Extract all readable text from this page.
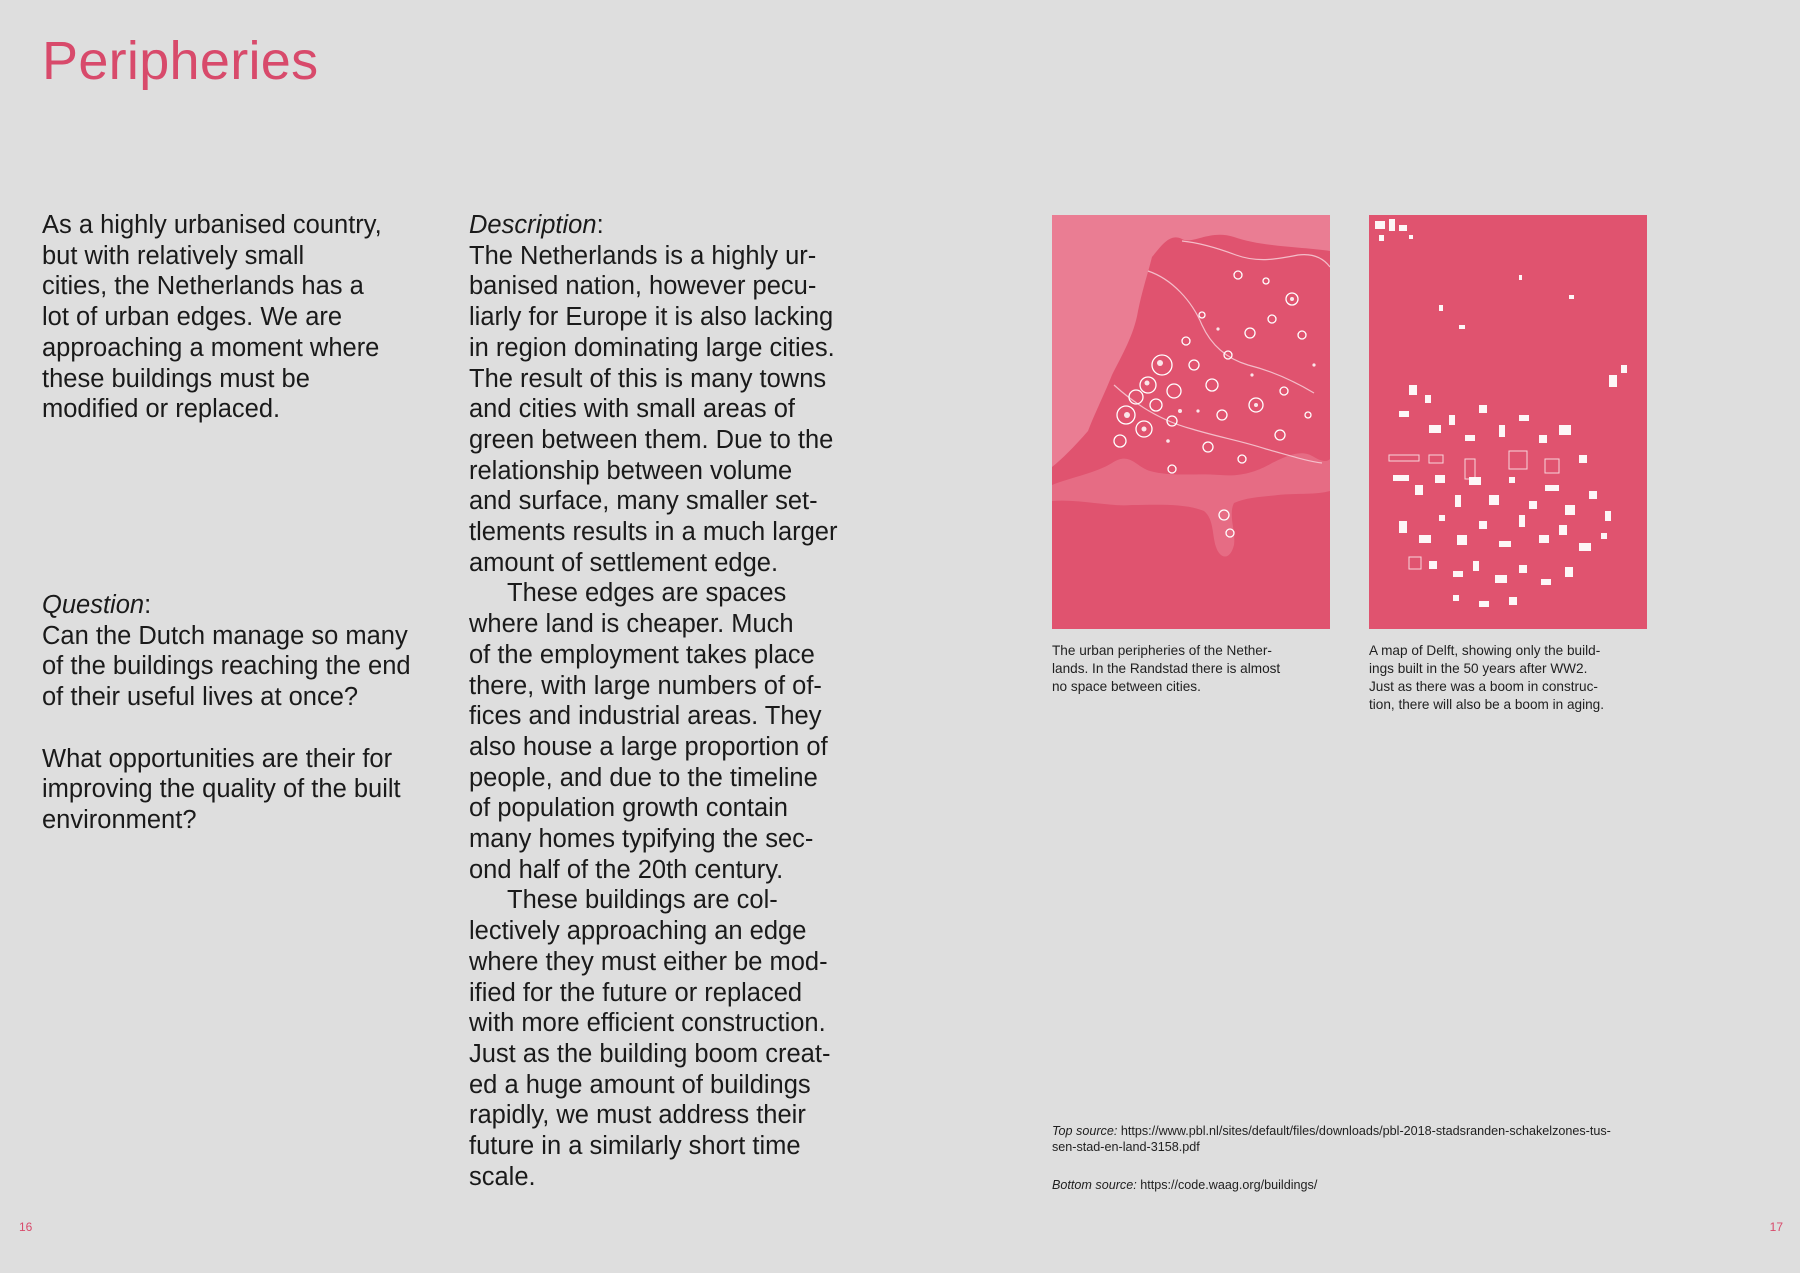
Peripheries

As a highly urbanised country,

but with relatively small

cities, the Netherlands has a

lot of urban edges. We are

approaching a moment where

these buildings must be

modified or replaced.

Question:

Can the Dutch manage so many

of the buildings reaching the end

of their useful lives at once?

What opportunities are their for

improving the quality of the built

environment?

Description:

The Netherlands is a highly ur-

banised nation, however pecu-

liarly for Europe it is also lacking

in region dominating large cities.

The result of this is many towns

and cities with small areas of

green between them. Due to the

relationship between volume

and surface, many smaller set-

tlements results in a much larger

amount of settlement edge.

These edges are spaces

where land is cheaper. Much

of the employment takes place

there, with large numbers of of-

fices and industrial areas. They

also house a large proportion of

people, and due to the timeline

of population growth contain

many homes typifying the sec-

ond half of the 20th century.

These buildings are col-

lectively approaching an edge

where they must either be mod-

ified for the future or replaced

with more efficient construction.

Just as the building boom creat-

ed a huge amount of buildings

rapidly, we must address their

future in a similarly short time

scale.

The urban peripheries of the Nether-
lands. In the Randstad there is almost
no space between cities.
A map of Delft, showing only the build-
ings built in the 50 years after WW2.
Just as there was a boom in construc-
tion, there will also be a boom in aging.
Top source: https://www.pbl.nl/sites/default/files/downloads/pbl-2018-stadsranden-schakelzones-tus-
sen-stad-en-land-3158.pdf
Bottom source: https://code.waag.org/buildings/
16	17
